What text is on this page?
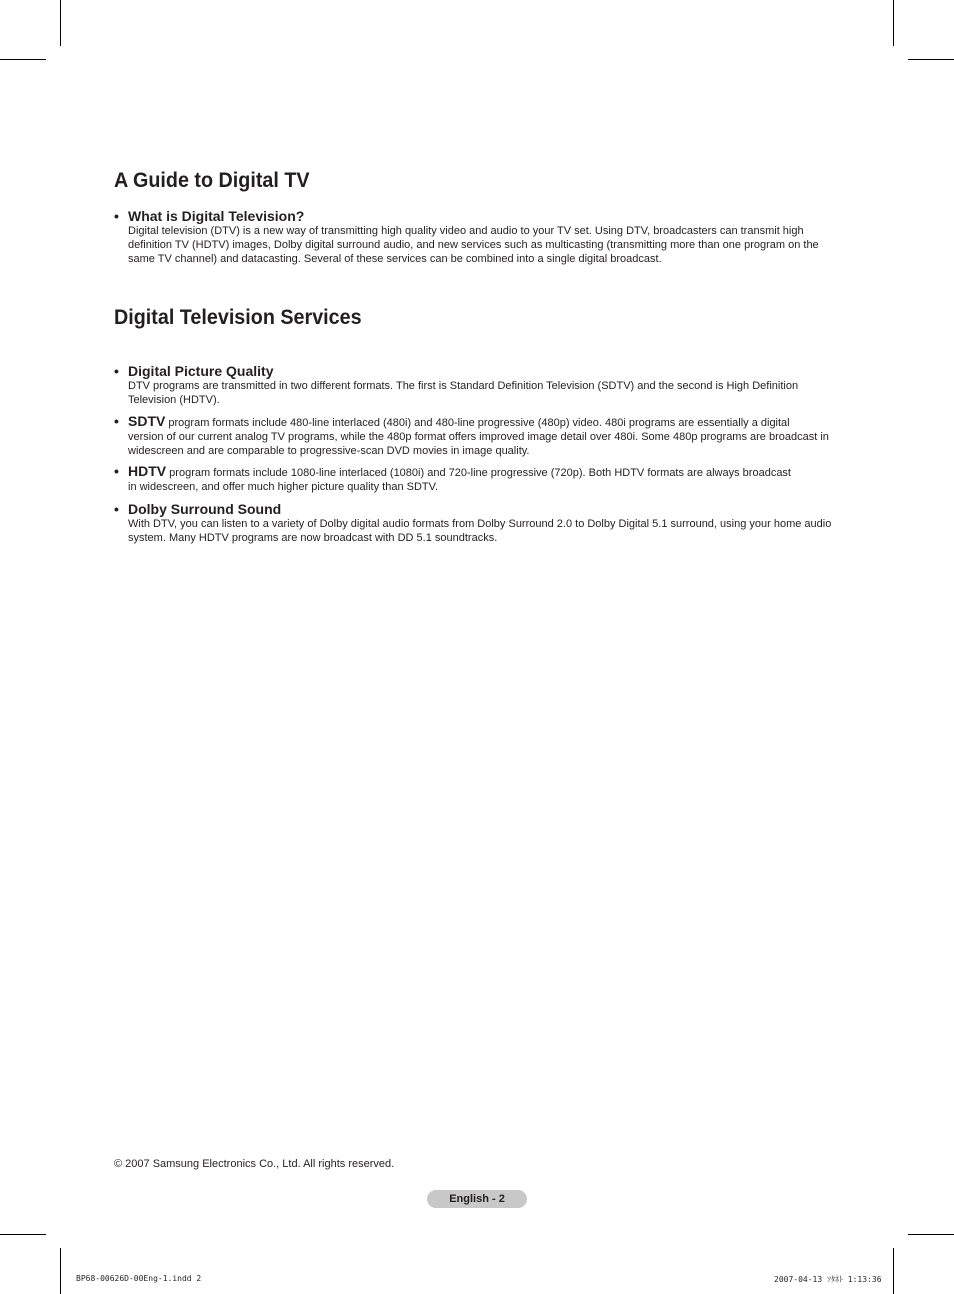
A Guide to Digital TV
• What is Digital Television?
Digital television (DTV) is a new way of transmitting high quality video and audio to your TV set. Using DTV, broadcasters can transmit high definition TV (HDTV) images, Dolby digital surround audio, and new services such as multicasting (transmitting more than one program on the same TV channel) and datacasting. Several of these services can be combined into a single digital broadcast.
Digital Television Services
• Digital Picture Quality
DTV programs are transmitted in two different formats. The first is Standard Definition Television (SDTV) and the second is High Definition Television (HDTV).
• SDTV program formats include 480-line interlaced (480i) and 480-line progressive (480p) video. 480i programs are essentially a digital
version of our current analog TV programs, while the 480p format offers improved image detail over 480i. Some 480p programs are broadcast in widescreen and are comparable to progressive-scan DVD movies in image quality.
• HDTV program formats include 1080-line interlaced (1080i) and 720-line progressive (720p). Both HDTV formats are always broadcast
in widescreen, and offer much higher picture quality than SDTV.
• Dolby Surround Sound
With DTV, you can listen to a variety of Dolby digital audio formats from Dolby Surround 2.0 to Dolby Digital 5.1 surround, using your home audio system. Many HDTV programs are now broadcast with DD 5.1 soundtracks.
© 2007 Samsung Electronics Co., Ltd. All rights reserved.
English - 2
BP68-00626D-00Eng-1.indd 2	2007-04-13 ｿﾀﾈﾄ 1:13:36
